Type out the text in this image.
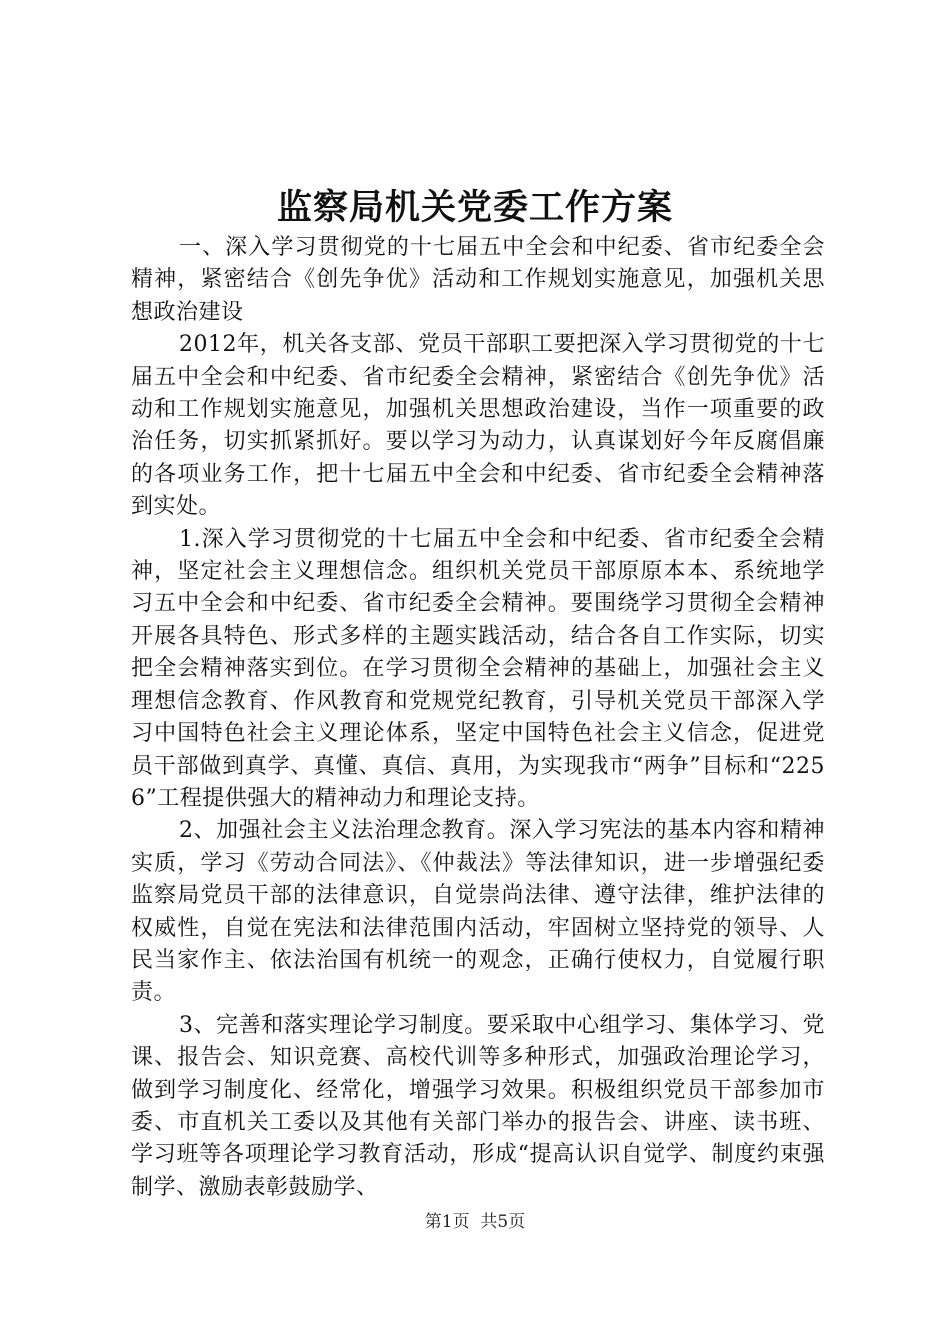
监察局机关党委工作方案

一、深入学习贯彻党的十七届五中全会和中纪委、省市纪委全会精神，紧密结合《创先争优》活动和工作规划实施意见，加强机关思想政治建设

2012年，机关各支部、党员干部职工要把深入学习贯彻党的十七届五中全会和中纪委、省市纪委全会精神，紧密结合《创先争优》活动和工作规划实施意见，加强机关思想政治建设，当作一项重要的政治任务，切实抓紧抓好。要以学习为动力，认真谋划好今年反腐倡廉的各项业务工作，把十七届五中全会和中纪委、省市纪委全会精神落到实处。

1.深入学习贯彻党的十七届五中全会和中纪委、省市纪委全会精神，坚定社会主义理想信念。组织机关党员干部原原本本、系统地学习五中全会和中纪委、省市纪委全会精神。要围绕学习贯彻全会精神开展各具特色、形式多样的主题实践活动，结合各自工作实际，切实把全会精神落实到位。在学习贯彻全会精神的基础上，加强社会主义理想信念教育、作风教育和党规党纪教育，引导机关党员干部深入学习中国特色社会主义理论体系，坚定中国特色社会主义信念，促进党员干部做到真学、真懂、真信、真用，为实现我市“两争”目标和“2256”工程提供强大的精神动力和理论支持。

2、加强社会主义法治理念教育。深入学习宪法的基本内容和精神实质，学习《劳动合同法》、《仲裁法》等法律知识，进一步增强纪委监察局党员干部的法律意识，自觉崇尚法律、遵守法律，维护法律的权威性，自觉在宪法和法律范围内活动，牢固树立坚持党的领导、人民当家作主、依法治国有机统一的观念，正确行使权力，自觉履行职责。

3、完善和落实理论学习制度。要采取中心组学习、集体学习、党课、报告会、知识竞赛、高校代训等多种形式，加强政治理论学习，做到学习制度化、经常化，增强学习效果。积极组织党员干部参加市委、市直机关工委以及其他有关部门举办的报告会、讲座、读书班、学习班等各项理论学习教育活动，形成“提高认识自觉学、制度约束强制学、激励表彰鼓励学、

第1页  共5页
